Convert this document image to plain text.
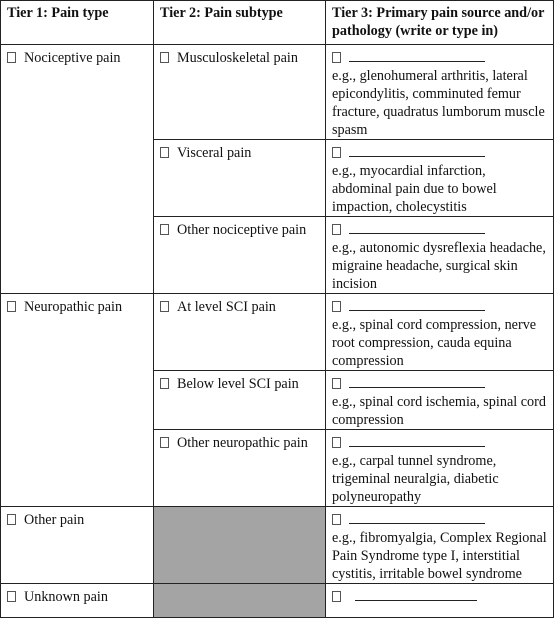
Tier 1: Pain type	Tier 2: Pain subtype	Tier 3: Primary pain source and/or pathology (write or type in)

Nociceptive pain	Musculoskeletal pain	e.g., glenohumeral arthritis, lateral epicondylitis, comminuted femur fracture, quadratus lumborum muscle spasm

	Visceral pain	e.g., myocardial infarction, abdominal pain due to bowel impaction, cholecystitis

	Other nociceptive pain	e.g., autonomic dysreflexia headache, migraine headache, surgical skin incision

Neuropathic pain	At level SCI pain	e.g., spinal cord compression, nerve root compression, cauda equina compression

	Below level SCI pain	e.g., spinal cord ischemia, spinal cord compression

	Other neuropathic pain	e.g., carpal tunnel syndrome, trigeminal neuralgia, diabetic polyneuropathy

Other pain		e.g., fibromyalgia, Complex Regional Pain Syndrome type I, interstitial cystitis, irritable bowel syndrome

Unknown pain		
